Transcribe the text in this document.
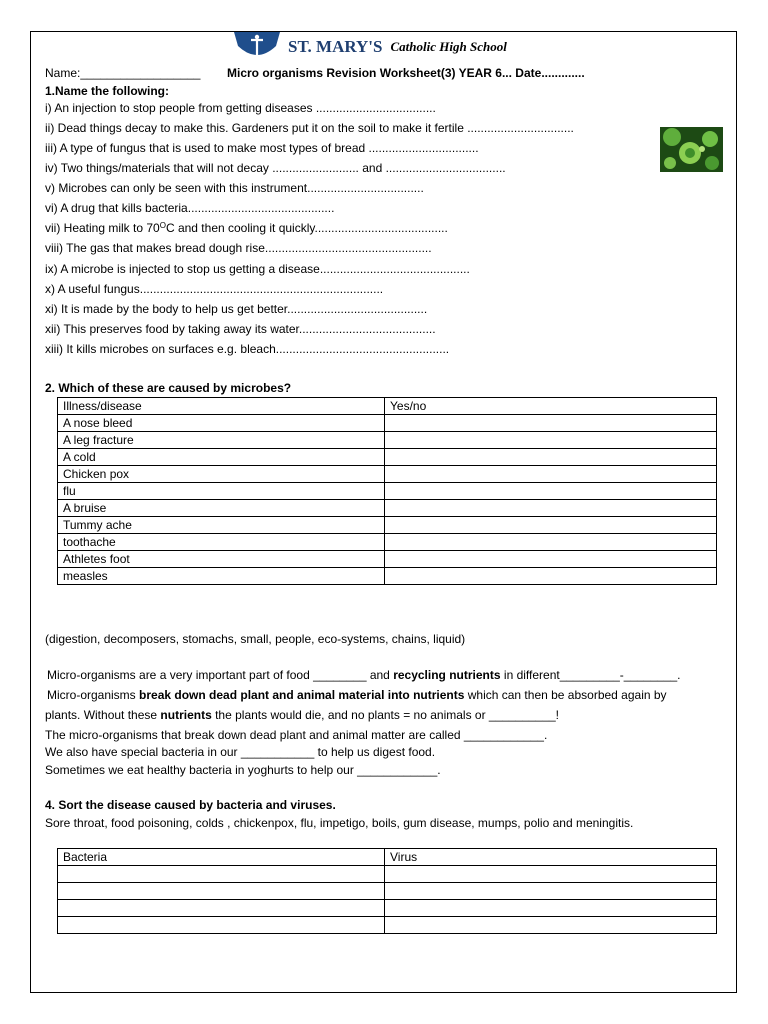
ST. MARY'S Catholic High School
Name:__________________ Micro organisms Revision Worksheet(3) YEAR 6... Date.............
1.Name the following:
i) An injection to stop people from getting diseases ....................................
ii) Dead things decay to make this. Gardeners put it on the soil to make it fertile ................................
iii) A type of fungus that is used to make most types of bread .................................
iv) Two things/materials that will not decay .......................... and ....................................
v) Microbes can only be seen with this instrument...................................
vi) A drug that kills bacteria............................................
vii) Heating milk to $70^OC$ and then cooling it quickly........................................
viii) The gas that makes bread dough rise..................................................
ix) A microbe is injected to stop us getting a disease.............................................
x) A useful fungus.........................................................................
xi) It is made by the body to help us get better..........................................
xii) This preserves food by taking away its water.........................................
xiii) It kills microbes on surfaces e.g. bleach....................................................
2. Which of these are caused by microbes?
Illness/disease	Yes/no
A nose bleed	
A leg fracture	
A cold	
Chicken pox	
flu	
A bruise	
Tummy ache	
toothache	
Athletes foot	
measles	
(digestion, decomposers, stomachs, small, people, eco-systems, chains, liquid)
Micro-organisms are a very important part of food ________ and recycling nutrients in different_________-________.
Micro-organisms break down dead plant and animal material into nutrients which can then be absorbed again by
plants. Without these nutrients the plants would die, and no plants = no animals or __________!
The micro-organisms that break down dead plant and animal matter are called ____________.
We also have special bacteria in our ___________ to help us digest food.
Sometimes we eat healthy bacteria in yoghurts to help our ____________.
4. Sort the disease caused by bacteria and viruses.
Sore throat, food poisoning, colds , chickenpox, flu, impetigo, boils, gum disease, mumps, polio and meningitis.
Bacteria	Virus
